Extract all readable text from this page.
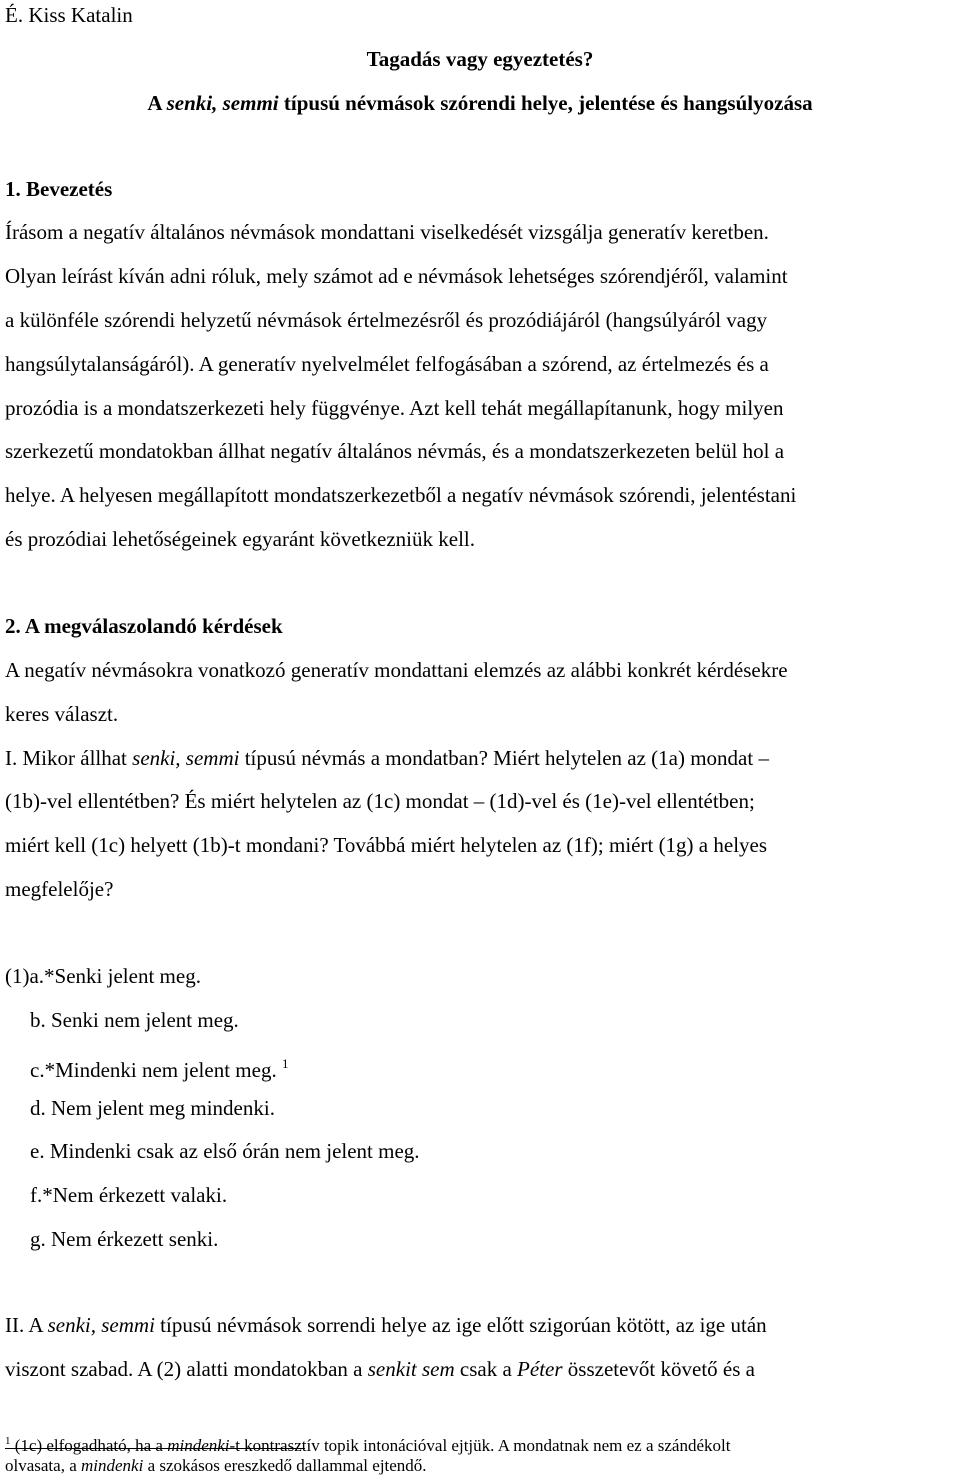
É. Kiss Katalin
Tagadás vagy egyeztetés?
A senki, semmi típusú névmások szórendi helye, jelentése és hangsúlyozása
1. Bevezetés
Írásom a negatív általános névmások mondattani viselkedését vizsgálja generatív keretben.
Olyan leírást kíván adni róluk, mely számot ad e névmások lehetséges szórendjéről, valamint
a különféle szórendi helyzetű névmások értelmezésről és prozódiájáról (hangsúlyáról vagy
hangsúlytalanságáról). A generatív nyelvelmélet felfogásában a szórend, az értelmezés és a
prozódia is a mondatszerkezeti hely függvénye. Azt kell tehát megállapítanunk, hogy milyen
szerkezetű mondatokban állhat negatív általános névmás, és a mondatszerkezeten belül hol a
helye. A helyesen megállapított mondatszerkezetből a negatív névmások szórendi, jelentéstani
és prozódiai lehetőségeinek egyaránt következniük kell.
2. A megválaszolandó kérdések
A negatív névmásokra vonatkozó generatív mondattani elemzés az alábbi konkrét kérdésekre
keres választ.
I. Mikor állhat senki, semmi típusú névmás a mondatban? Miért helytelen az (1a) mondat –
(1b)-vel ellentétben? És miért helytelen az (1c) mondat – (1d)-vel és (1e)-vel ellentétben;
miért kell (1c) helyett (1b)-t mondani? Továbbá miért helytelen az (1f); miért (1g) a helyes
megfelelője?
(1)a.*Senki jelent meg.
b. Senki nem jelent meg.
c.*Mindenki nem jelent meg. $^1$
d. Nem jelent meg mindenki.
e. Mindenki csak az első órán nem jelent meg.
f.*Nem érkezett valaki.
g. Nem érkezett senki.
II. A senki, semmi típusú névmások sorrendi helye az ige előtt szigorúan kötött, az ige után
viszont szabad. A (2) alatti mondatokban a senkit sem csak a Péter összetevőt követő és a
$^1$ (1c) elfogadható, ha a mindenki-t kontrasztív topik intonációval ejtjük. A mondatnak nem ez a szándékolt
olvasata, a mindenki a szokásos ereszkedő dallammal ejtendő.
